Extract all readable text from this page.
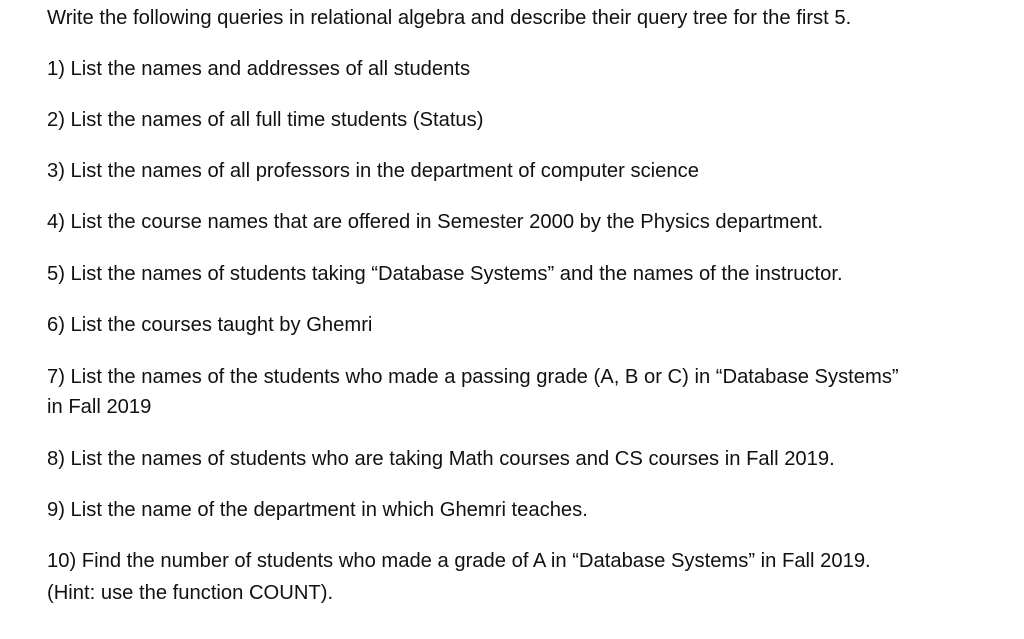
Write the following queries in relational algebra and describe their query tree for the first 5.
1) List the names and addresses of all students
2) List the names of all full time students (Status)
3) List the names of all professors in the department of computer science
4) List the course names that are offered in Semester 2000 by the Physics department.
5) List the names of students taking “Database Systems” and the names of the instructor.
6) List the courses taught by Ghemri
7) List the names of the students who made a passing grade (A, B or C) in “Database Systems”
in Fall 2019
8) List the names of students who are taking Math courses and CS courses in Fall 2019.
9) List the name of the department in which Ghemri teaches.
10) Find the number of students who made a grade of A in “Database Systems” in Fall 2019.
(Hint: use the function COUNT).
